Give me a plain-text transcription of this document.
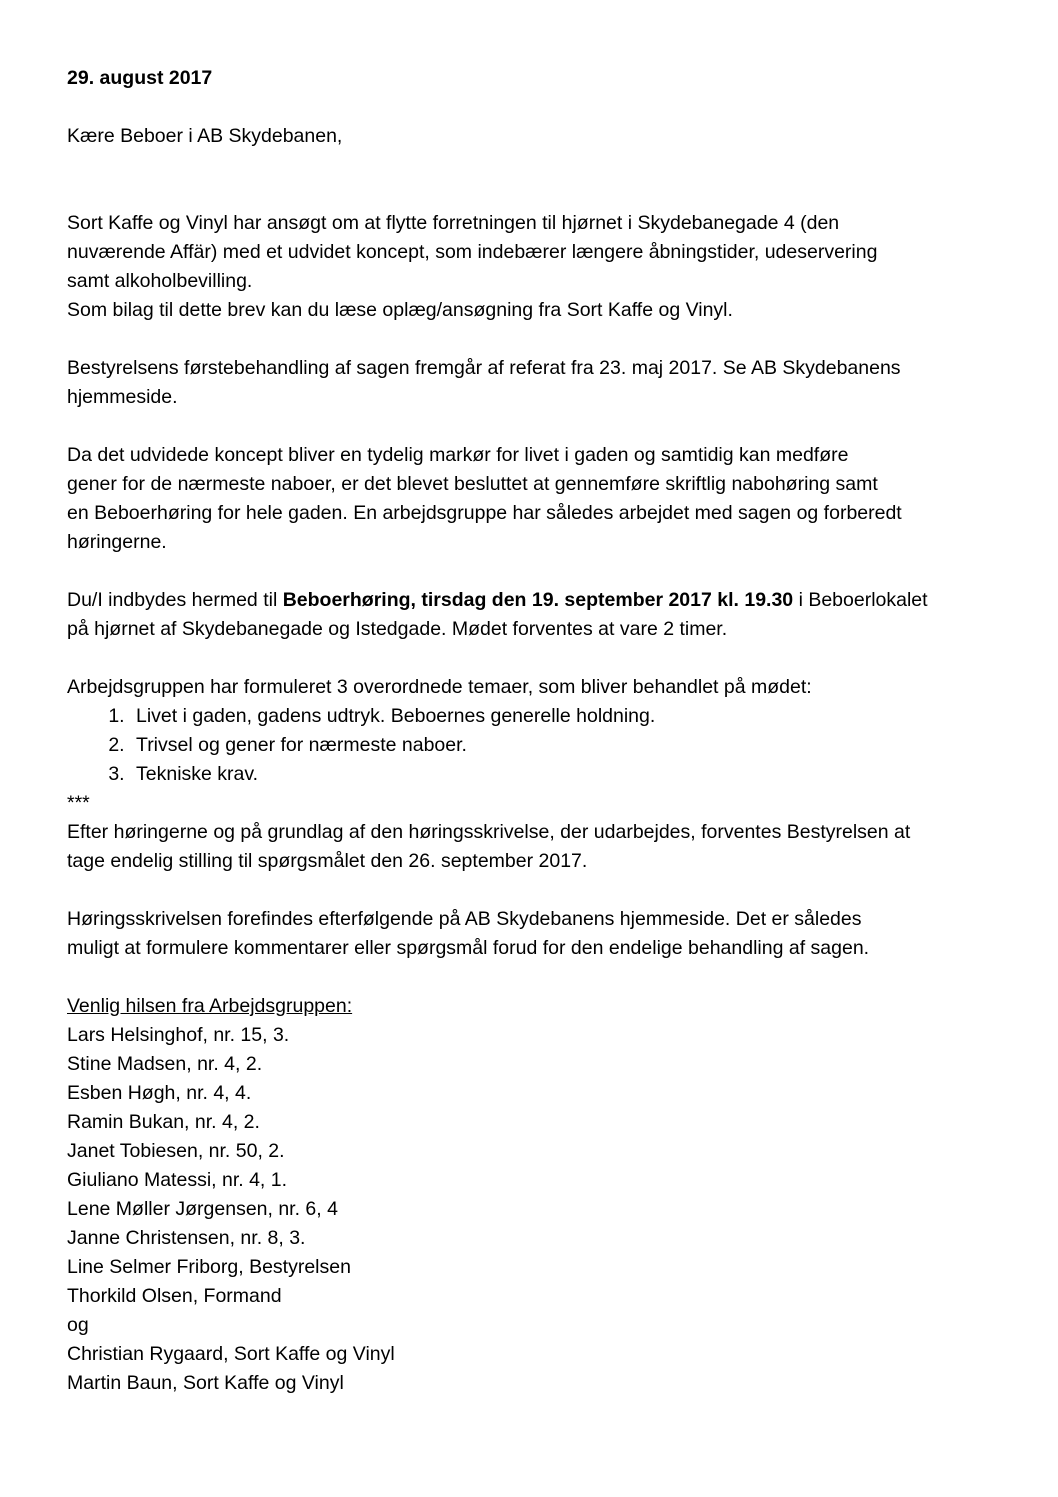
29. august 2017

Kære Beboer i AB Skydebanen,

Sort Kaffe og Vinyl har ansøgt om at flytte forretningen til hjørnet i Skydebanegade 4 (den

nuværende Affär) med et udvidet koncept, som indebærer længere åbningstider, udeservering

samt alkoholbevilling.

Som bilag til dette brev kan du læse oplæg/ansøgning fra Sort Kaffe og Vinyl.

Bestyrelsens førstebehandling af sagen fremgår af referat fra 23. maj 2017. Se AB Skydebanens

hjemmeside.

Da det udvidede koncept bliver en tydelig markør for livet i gaden og samtidig kan medføre

gener for de nærmeste naboer, er det blevet besluttet at gennemføre skriftlig nabohøring samt

en Beboerhøring for hele gaden. En arbejdsgruppe har således arbejdet med sagen og forberedt

høringerne.

Du/I indbydes hermed til Beboerhøring, tirsdag den 19. september 2017 kl. 19.30 i Beboerlokalet

på hjørnet af Skydebanegade og Istedgade. Mødet forventes at vare 2 timer.

Arbejdsgruppen har formuleret 3 overordnede temaer, som bliver behandlet på mødet:

1. Livet i gaden, gadens udtryk. Beboernes generelle holdning.
2. Trivsel og gener for nærmeste naboer.
3. Tekniske krav.

***

Efter høringerne og på grundlag af den høringsskrivelse, der udarbejdes, forventes Bestyrelsen at

tage endelig stilling til spørgsmålet den 26. september 2017.

Høringsskrivelsen forefindes efterfølgende på AB Skydebanens hjemmeside. Det er således

muligt at formulere kommentarer eller spørgsmål forud for den endelige behandling af sagen.

Venlig hilsen fra Arbejdsgruppen:

Lars Helsinghof, nr. 15, 3.

Stine Madsen, nr. 4, 2.

Esben Høgh, nr. 4, 4.

Ramin Bukan, nr. 4, 2.

Janet Tobiesen, nr. 50, 2.

Giuliano Matessi, nr. 4, 1.

Lene Møller Jørgensen, nr. 6, 4

Janne Christensen, nr. 8, 3.

Line Selmer Friborg, Bestyrelsen

Thorkild Olsen, Formand

og

Christian Rygaard, Sort Kaffe og Vinyl

Martin Baun, Sort Kaffe og Vinyl
